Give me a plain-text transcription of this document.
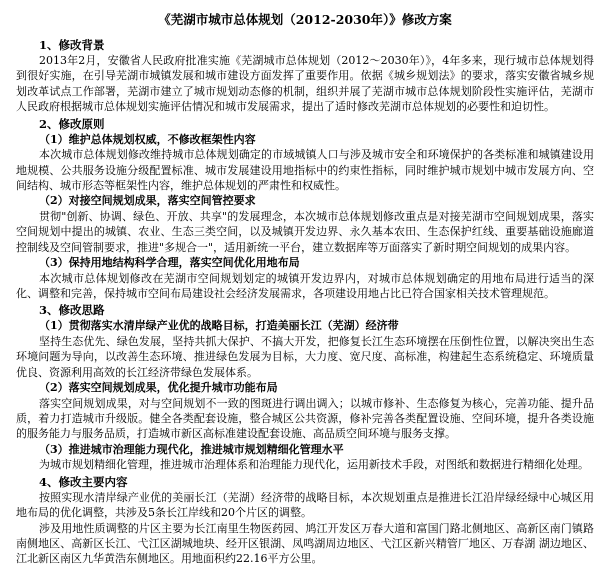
《芜湖市城市总体规划（2012-2030年）》修改方案
1、修改背景

2013年2月，安徽省人民政府批准实施《芜湖城市总体规划（2012～2030年）》，4年多来，现行城市总体规划得到很好实施，在引导芜湖市城镇发展和城市建设方面发挥了重要作用。依据《城乡规划法》的要求，落实安徽省城乡规划改革试点工作部署，芜湖市建立了城市规划动态修的机制，组织并展了芜湖市城市总体规划阶段性实施评估，芜湖市人民政府根据城市总体规划实施评估情况和城市发展需求，提出了适时修改芜湖市总体规划的必要性和迫切性。

2、修改原则
（1）维护总体规划权威，不修改框架性内容

本次城市总体规划修改维持城市总体规划确定的市域城镇人口与涉及城市安全和环境保护的各类标准和城镇建设用地规模、公共服务设施分级配置标准、城市发展建设用地指标中的约束性指标，同时维护城市规划中城市发展方向、空间结构、城市形态等框架性内容，维护总体规划的严肃性和权威性。

（2）对接空间规划成果，落实空间管控要求

贯彻"创新、协调、绿色、开放、共享"的发展理念，本次城市总体规划修改重点是对接芜湖市空间规划成果，落实空间规划中提出的城镇、农业、生态三类空间，以及城镇开发边界、永久基本农田、生态保护红线、重要基础设施廊道控制线及空间管制要求，推进"多规合一"，适用新统一平台，建立数据库等万面落实了新时期空间规划的成果内容。

（3）保持用地结构科学合理，落实空间优化用地布局

本次城市总体规划修改在芜湖市空间规划划定的城镇开发边界内，对城市总体规划确定的用地布局进行适当的深化、调整和完善，保持城市空间布局建设社会经济发展需求，各项建设用地占比已符合国家相关技术管理规范。

3、修改思路
（1）贯彻落实水清岸绿产业优的战略目标，打造美丽长江（芜湖）经济带

坚持生态优先、绿色发展，坚持共抓大保护、不搞大开发，把修复长江生态环境摆在压倒性位置，以解决突出生态环境问题为导向，以改善生态环境、推进绿色发展为目标，大力度、宽尺度、高标准，构建起生态系统稳定、环境质量优良、资源利用高效的长江经济带绿色发展体系。

（2）落实空间规划成果，优化提升城市功能布局

落实空间规划成果，对与空间规划不一致的图斑进行调出调入；以城市修补、生态修复为核心，完善功能、提升品质，着力打造城市升级版。健全各类配套设施，整合城区公共资源，修补完善各类配置设施、空间环境，提升各类设施的服务能力与服务品质，打造城市新区高标准建设配套设施、高品质空间环境与服务支撑。

（3）推进城市治理能力现代化，推进城市规划精细化管理水平

为城市规划精细化管理，推进城市治理体系和治理能力现代化，运用新技术手段，对图纸和数据进行精细化处理。

4、修改主要内容

按照实现水清岸绿产业优的美丽长江（芜湖）经济带的战略目标，本次规划重点是推进长江沿岸绿经绿中心城区用地布局的优化调整，共涉及5条长江岸线和20个片区的调整。

涉及用地性质调整的片区主要为长江南里生物医药园、鸠江开发区万春大道和富国门路北侧地区、高新区南门镇路南侧地区、高新区长江、弋江区湖城地块、经开区银湖、凤鸣湖周边地区、弋江区新兴精管厂地区、万春湖 湖边地区、江北新区南区九华黄浩东侧地区。用地面积约22.16平方公里。
